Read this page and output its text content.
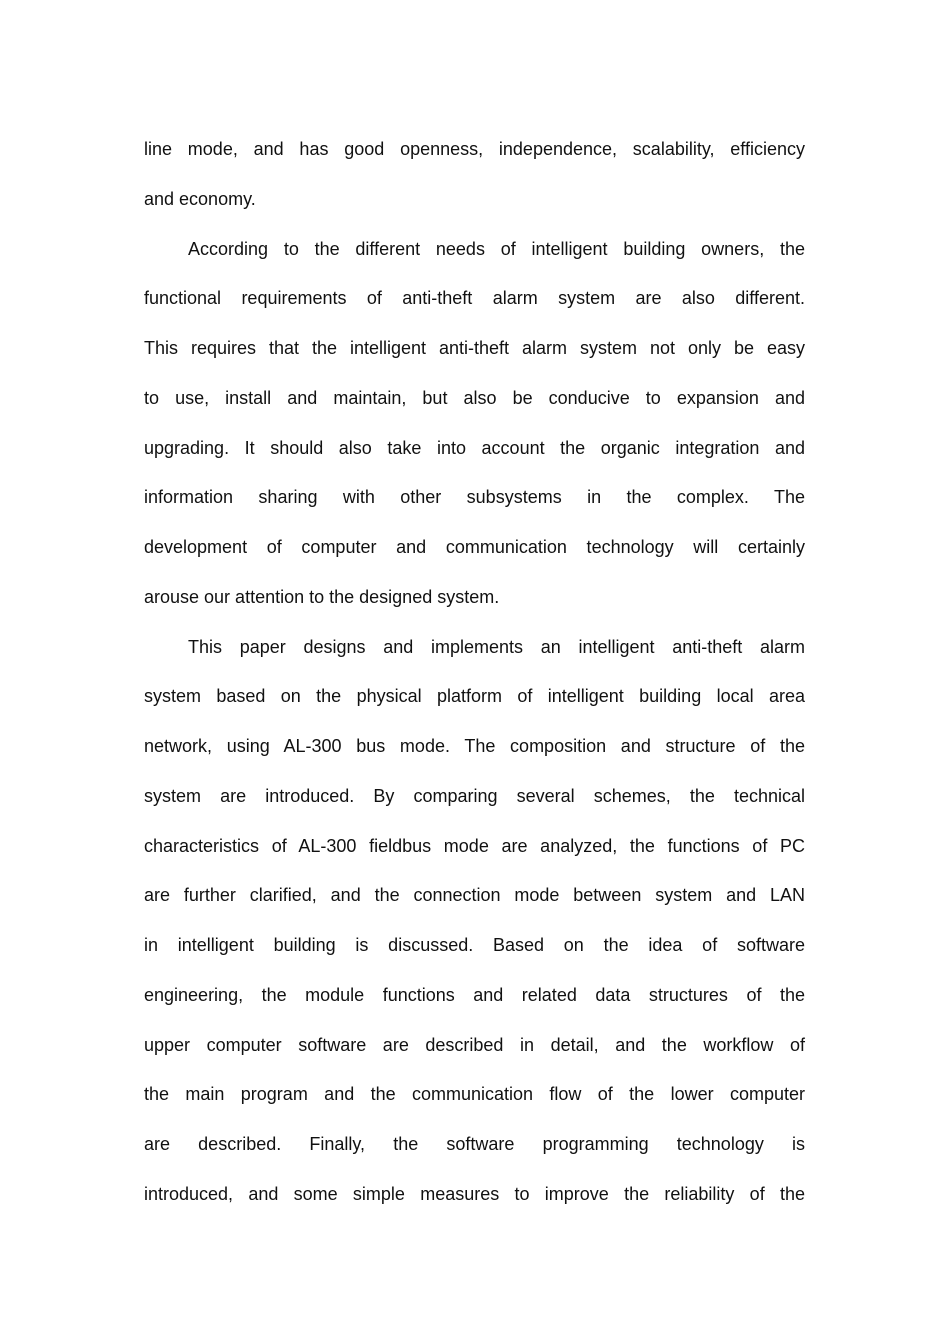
line mode, and has good openness, independence, scalability, efficiency
and economy.
According to the different needs of intelligent building owners, the
functional requirements of anti-theft alarm system are also different.
This requires that the intelligent anti-theft alarm system not only be easy
to use, install and maintain, but also be conducive to expansion and
upgrading. It should also take into account the organic integration and
information sharing with other subsystems in the complex. The
development of computer and communication technology will certainly
arouse our attention to the designed system.
This paper designs and implements an intelligent anti-theft alarm
system based on the physical platform of intelligent building local area
network, using AL-300 bus mode. The composition and structure of the
system are introduced. By comparing several schemes, the technical
characteristics of AL-300 fieldbus mode are analyzed, the functions of PC
are further clarified, and the connection mode between system and LAN
in intelligent building is discussed. Based on the idea of software
engineering, the module functions and related data structures of the
upper computer software are described in detail, and the workflow of
the main program and the communication flow of the lower computer
are described. Finally, the software programming technology is
introduced, and some simple measures to improve the reliability of the
